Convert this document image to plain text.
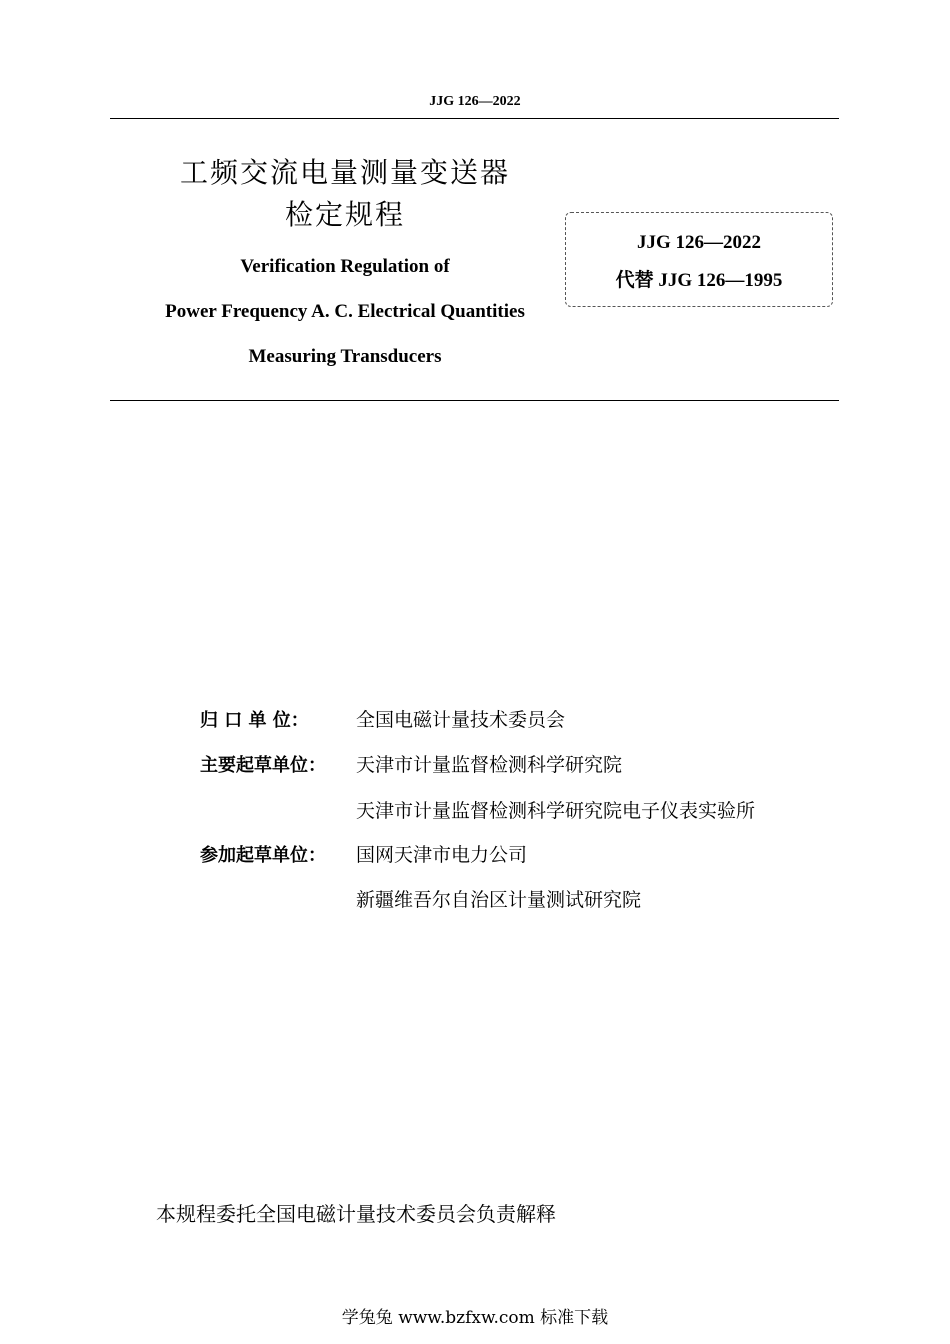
JJG 126—2022
工频交流电量测量变送器
检定规程
Verification Regulation of
Power Frequency A. C. Electrical Quantities
Measuring Transducers
JJG 126—2022
代替 JJG 126—1995
归 口 单 位： 全国电磁计量技术委员会
主要起草单位： 天津市计量监督检测科学研究院
天津市计量监督检测科学研究院电子仪表实验所
参加起草单位： 国网天津市电力公司
新疆维吾尔自治区计量测试研究院
本规程委托全国电磁计量技术委员会负责解释
学兔兔 www.bzfxw.com 标准下载
